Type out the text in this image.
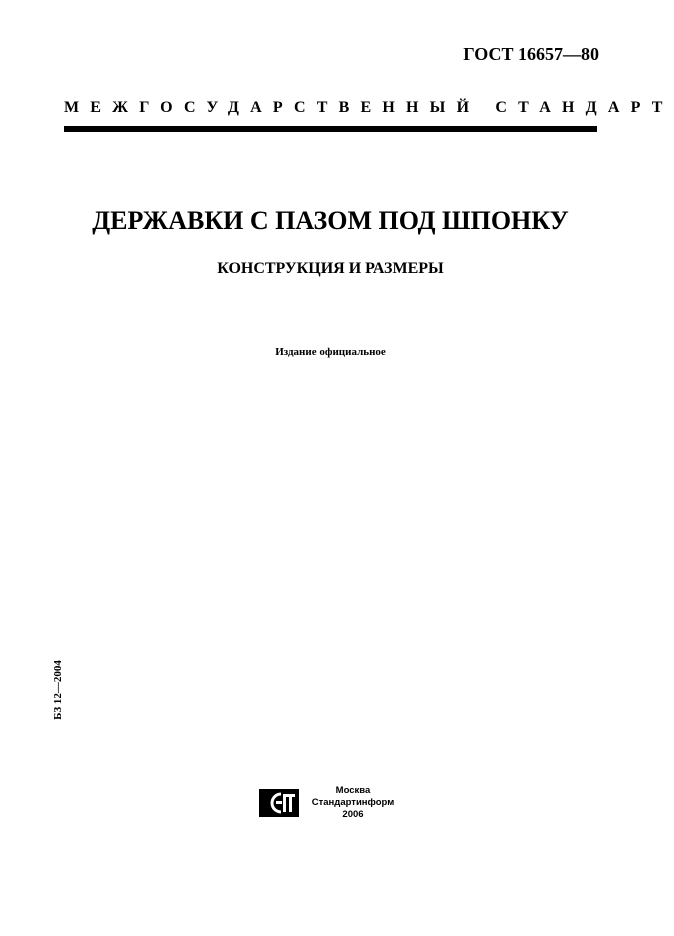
ГОСТ 16657—80
МЕЖГОСУДАРСТВЕННЫЙ СТАНДАРТ
ДЕРЖАВКИ С ПАЗОМ ПОД ШПОНКУ
КОНСТРУКЦИЯ И РАЗМЕРЫ
Издание официальное
БЗ 12—2004
Москва
Стандартинформ
2006
